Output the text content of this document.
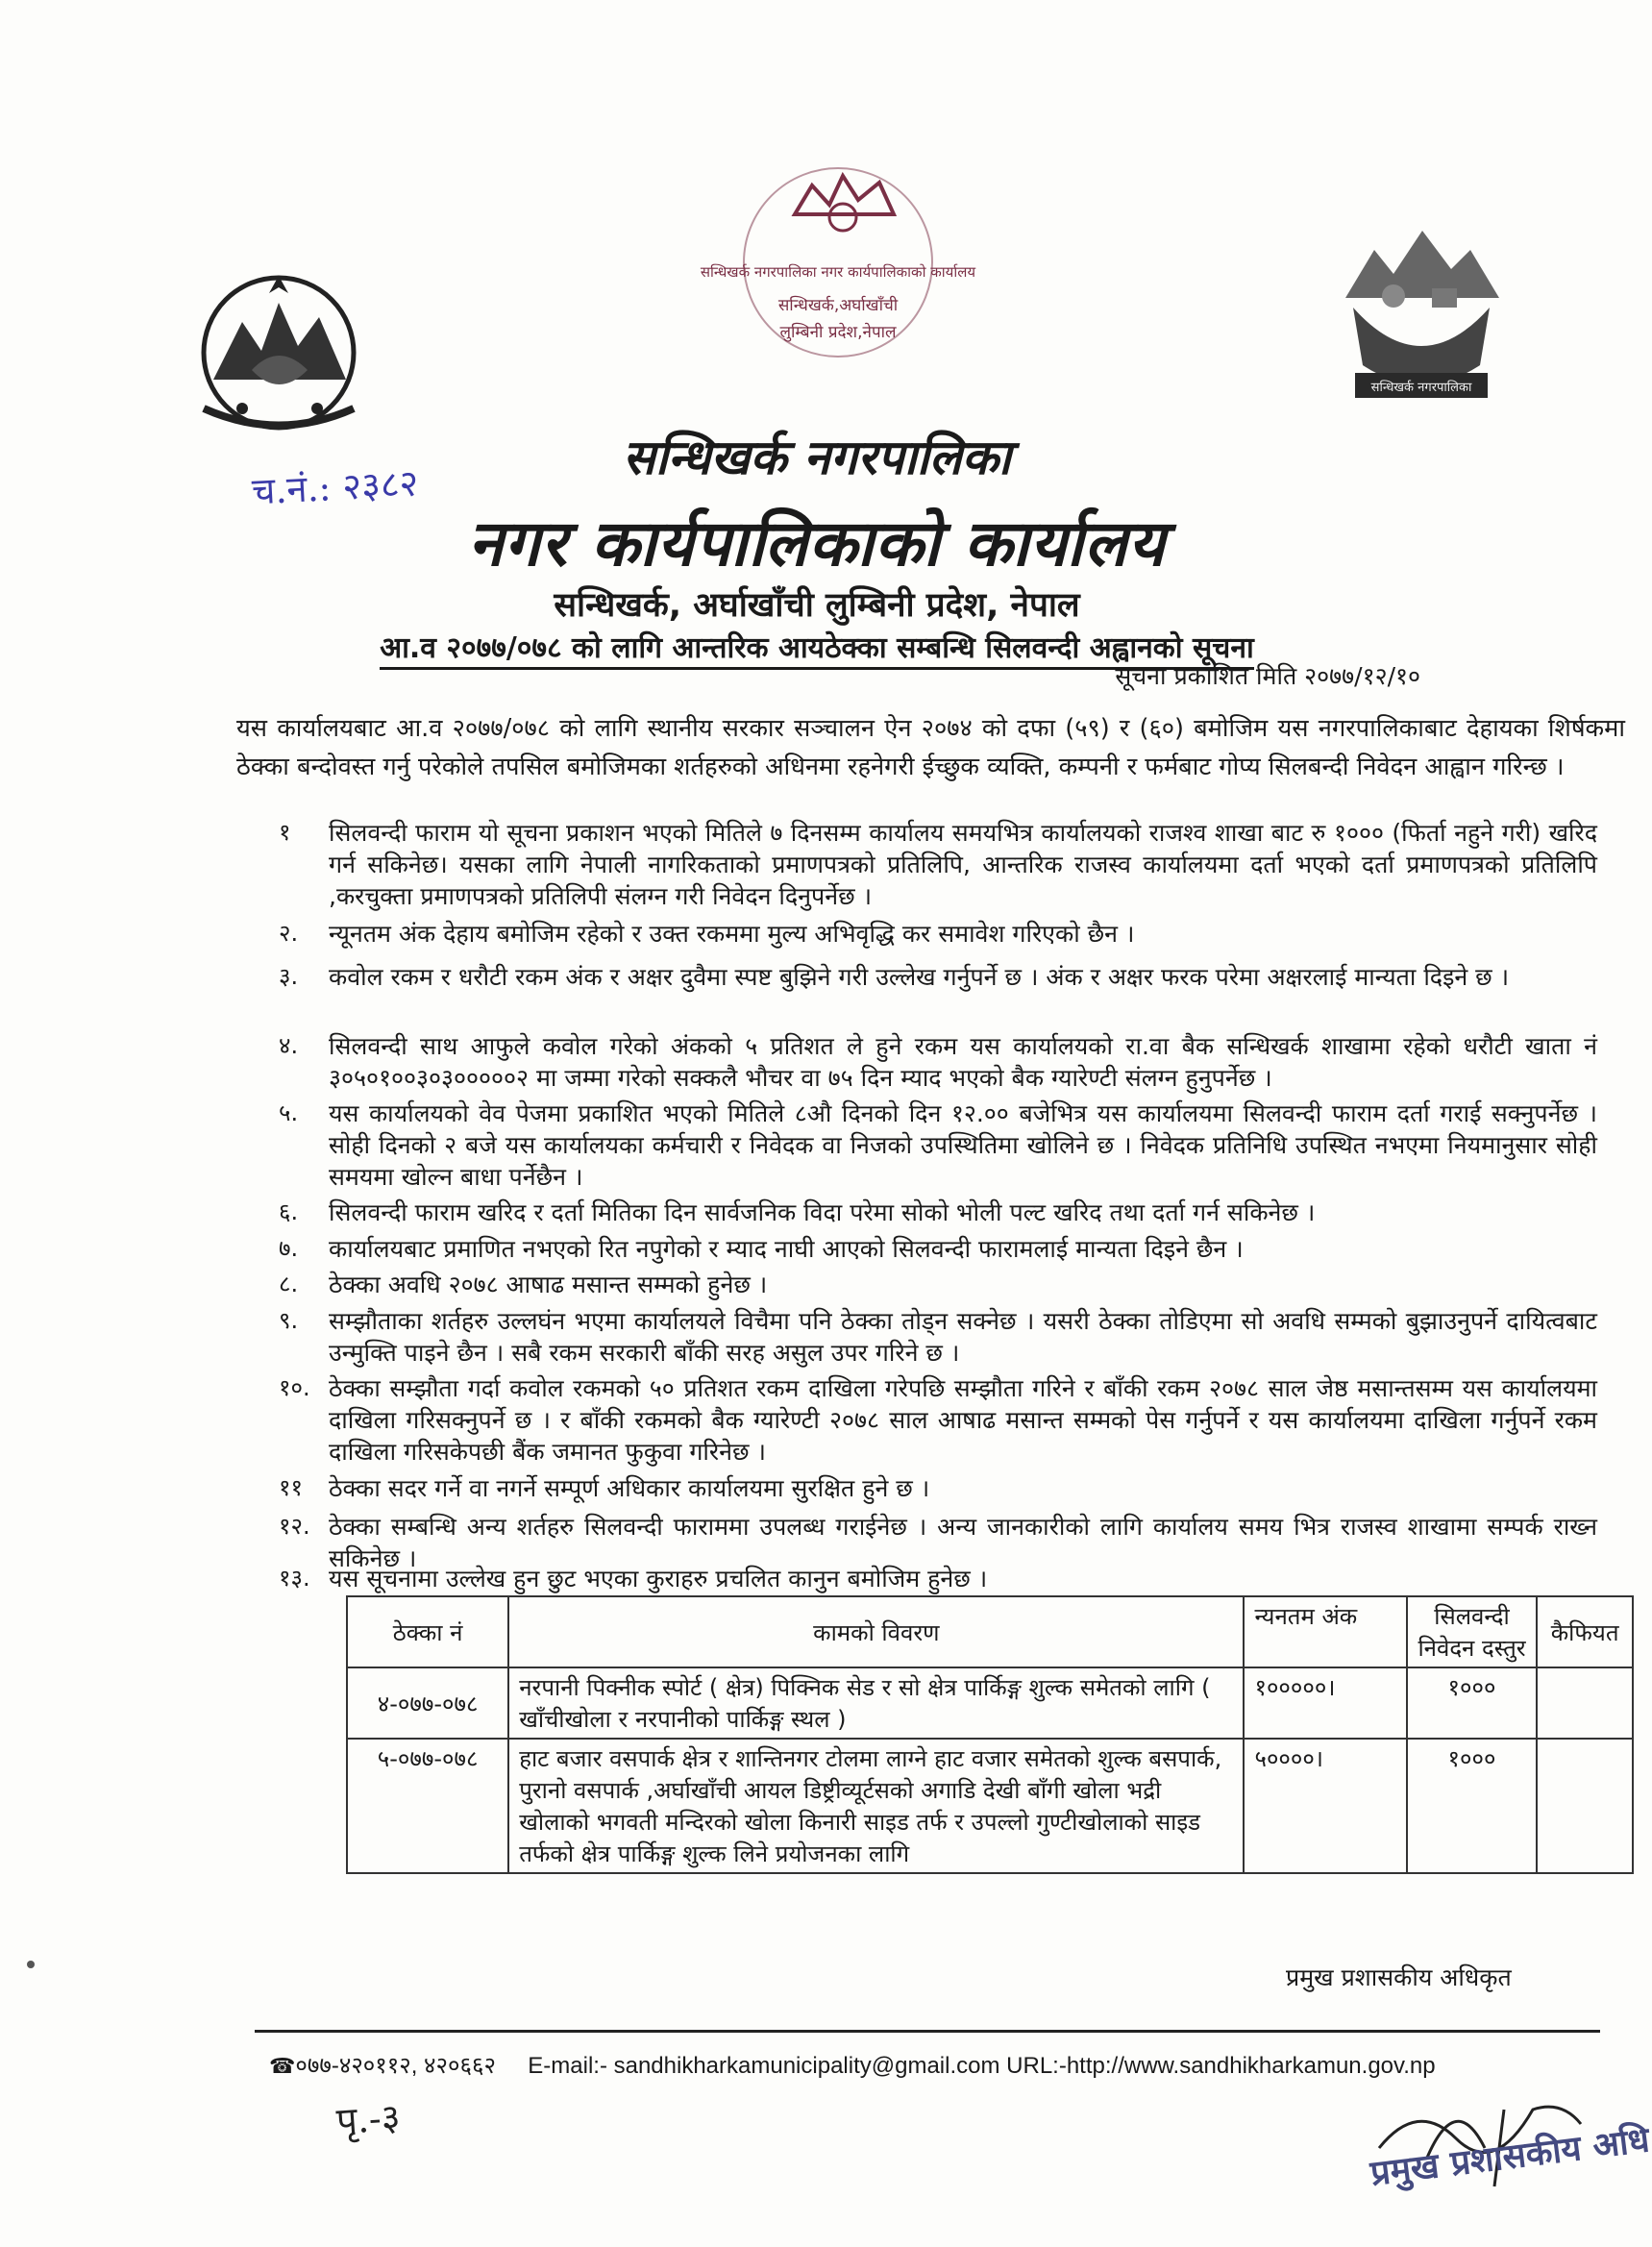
सन्धिखर्क नगरपालिका नगर कार्यपालिकाको कार्यालय
सन्धिखर्क,अर्घाखाँची
लुम्बिनी प्रदेश,नेपाल
सन्धिखर्क नगरपालिका
च.नं.: २३८२
सन्धिखर्क नगरपालिका
नगर कार्यपालिकाको कार्यालय
सन्धिखर्क, अर्घाखाँची लुम्बिनी प्रदेश, नेपाल
आ.व २०७७/०७८ को लागि आन्तरिक आयठेक्का सम्बन्धि सिलवन्दी अह्वानको सूचना
सूचना प्रकाशित मिति २०७७/१२/१०
यस कार्यालयबाट आ.व २०७७/०७८ को लागि स्थानीय सरकार सञ्चालन ऐन २०७४ को दफा (५९) र (६०) बमोजिम यस नगरपालिकाबाट देहायका शिर्षकमा ठेक्का बन्दोवस्त गर्नु परेकोले तपसिल बमोजिमका शर्तहरुको अधिनमा रहनेगरी ईच्छुक व्यक्ति, कम्पनी र फर्मबाट गोप्य सिलबन्दी निवेदन आह्वान गरिन्छ ।
१	सिलवन्दी फाराम यो सूचना प्रकाशन भएको मितिले ७ दिनसम्म कार्यालय समयभित्र कार्यालयको राजश्व शाखा बाट रु १००० (फिर्ता नहुने गरी) खरिद गर्न सकिनेछ। यसका लागि नेपाली नागरिकताको प्रमाणपत्रको प्रतिलिपि, आन्तरिक राजस्व कार्यालयमा दर्ता भएको दर्ता प्रमाणपत्रको प्रतिलिपि ,करचुक्ता प्रमाणपत्रको प्रतिलिपी संलग्न गरी निवेदन दिनुपर्नेछ ।
२.	न्यूनतम अंक देहाय बमोजिम रहेको र उक्त रकममा मुल्य अभिवृद्धि कर समावेश गरिएको छैन ।
३.	कवोल रकम र धरौटी रकम अंक र अक्षर दुवैमा स्पष्ट बुझिने गरी उल्लेख गर्नुपर्ने छ । अंक र अक्षर फरक परेमा अक्षरलाई मान्यता दिइने छ ।
४.	सिलवन्दी साथ आफुले कवोल गरेको अंकको ५ प्रतिशत ले हुने रकम यस कार्यालयको रा.वा बैक सन्धिखर्क शाखामा रहेको धरौटी खाता नं ३०५०१००३०३०००००२ मा जम्मा गरेको सक्कलै भौचर वा ७५ दिन म्याद भएको बैक ग्यारेण्टी संलग्न हुनुपर्नेछ ।
५.	यस कार्यालयको वेव पेजमा प्रकाशित भएको मितिले ८औ दिनको दिन १२.०० बजेभित्र यस कार्यालयमा सिलवन्दी फाराम दर्ता गराई सक्नुपर्नेछ । सोही दिनको २ बजे यस कार्यालयका कर्मचारी र निवेदक वा निजको उपस्थितिमा खोलिने छ । निवेदक प्रतिनिधि उपस्थित नभएमा नियमानुसार सोही समयमा खोल्न बाधा पर्नेछैन ।
६.	सिलवन्दी फाराम खरिद र दर्ता मितिका दिन सार्वजनिक विदा परेमा सोको भोली पल्ट खरिद तथा दर्ता गर्न सकिनेछ ।
७.	कार्यालयबाट प्रमाणित नभएको रित नपुगेको र म्याद नाघी आएको सिलवन्दी फारामलाई मान्यता दिइने छैन ।
८.	ठेक्का अवधि २०७८ आषाढ मसान्त सम्मको हुनेछ ।
९.	सम्झौताका शर्तहरु उल्लघंन भएमा कार्यालयले विचैमा पनि ठेक्का तोड्न सक्नेछ । यसरी ठेक्का तोडिएमा सो अवधि सम्मको बुझाउनुपर्ने दायित्वबाट उन्मुक्ति पाइने छैन । सबै रकम सरकारी बाँकी सरह असुल उपर गरिने छ ।
१०. ठेक्का सम्झौता गर्दा कवोल रकमको ५० प्रतिशत रकम दाखिला गरेपछि सम्झौता गरिने र बाँकी रकम २०७८ साल जेष्ठ मसान्तसम्म यस कार्यालयमा दाखिला गरिसक्नुपर्ने छ । र बाँकी रकमको बैक ग्यारेण्टी २०७८ साल आषाढ मसान्त सम्मको पेस गर्नुपर्ने र यस कार्यालयमा दाखिला गर्नुपर्ने रकम दाखिला गरिसकेपछी बैंक जमानत फुकुवा गरिनेछ ।
११	ठेक्का सदर गर्ने वा नगर्ने सम्पूर्ण अधिकार कार्यालयमा सुरक्षित हुने छ ।
१२. ठेक्का सम्बन्धि अन्य शर्तहरु सिलवन्दी फाराममा उपलब्ध गराईनेछ । अन्य जानकारीको लागि कार्यालय समय भित्र राजस्व शाखामा सम्पर्क राख्न सकिनेछ ।
१३. यस सूचनामा उल्लेख हुन छुट भएका कुराहरु प्रचलित कानुन बमोजिम हुनेछ ।
ठेक्का नं	कामको विवरण	न्यनतम अंक	सिलवन्दी निवेदन दस्तुर	कैफियत
४-०७७-०७८	नरपानी पिक्नीक स्पोर्ट ( क्षेत्र) पिक्निक सेड र सो क्षेत्र पार्किङ्ग शुल्क समेतको लागि ( खाँचीखोला र नरपानीको पार्किङ्ग स्थल )	१०००००।	१०००	
५-०७७-०७८	हाट बजार वसपार्क क्षेत्र र शान्तिनगर टोलमा लाग्ने हाट वजार समेतको शुल्क बसपार्क, पुरानो वसपार्क ,अर्घाखाँची आयल डिष्ट्रीव्यूर्टसको अगाडि देखी बाँगी खोला भद्री खोलाको भगवती मन्दिरको खोला किनारी साइड तर्फ र उपल्लो गुण्टीखोलाको साइड तर्फको क्षेत्र पार्किङ्ग शुल्क लिने प्रयोजनका लागि	५००००।	१०००	
प्रमुख प्रशासकीय अधिकृत
☎०७७-४२०११२, ४२०६६२ E-mail:- sandhikharkamunicipality@gmail.com URL:-http://www.sandhikharkamun.gov.np
पृ.-३
प्रमुख प्रशासकीय अधि
